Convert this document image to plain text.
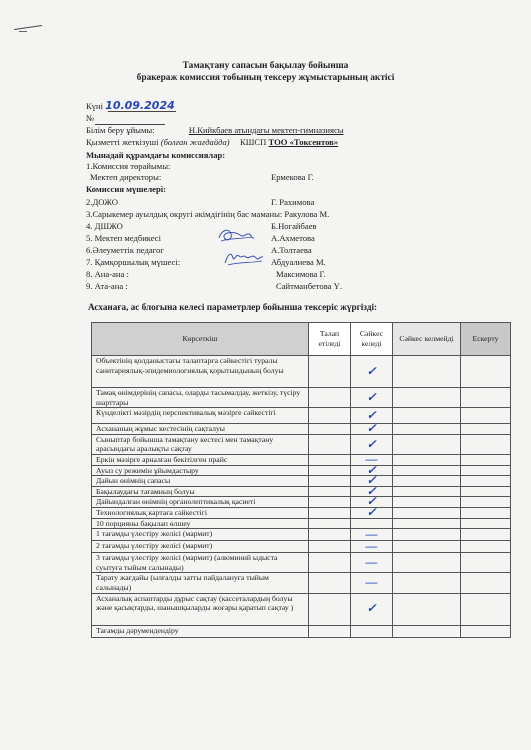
Тамақтану сапасын бақылау бойынша
бракераж комиссия тобының тексеру жұмыстарының актісі
Күні 10.09.2024
№
Білім беру ұйымы:	Н.Кийкбаев атындағы мектеп-гимназиясы
Қызметті жеткізуші (болған жағдайда) КШСП ТОО «Токсентов»
Мынадай құрамдағы комиссиялар:
1.Комиссия төрайымы:
Мектеп директоры:	Ермекова Г.
Комиссия мүшелері:
2.ДОЖО	Г. Рахимова
3.Сарыкемер ауылдық округі әкімдігінің бас маманы: Ракулова М.
4. ДШЖО	Б.Ногайбаев
5. Мектеп медбикесі	А.Ахметова
6.Әлеуметтік педагог	А.Толтаева
7. Қамқоршылық мүшесі:	Абдуалиева М.
8. Ана-ана :	Максимова Г.
9. Ата-ана :	Сайтманбетова Ү.
Асханаға, ас блогына келесі параметрлер бойынша тексеріс жүргізді:
Көрсеткіш	Талап етіледі	Сәйкес келеді	Сәйкес келмейді	Ескерту
Объектінің қолданыстағы талаптарға сәйкестігі туралы санитариялық-эпидемиологиялық қорытындының болуы		✓		
Тамақ өнімдерінің сапасы, оларды тасымалдау, жеткізу, түсіру шарттары		✓		
Күнделікті мәзірдің перспективалық мәзірге сәйкестігі		✓		
Асхананың жұмыс кестесінің сақталуы		✓		
Сыныптар бойынша тамақтану кестесі мен тамақтану арасындағы аралықты сақтау		✓		
Еркін мәзірге арналған бекітілген прайс		—		
Ауыз су режимін ұйымдастыру		✓		
Дайын өнімнің сапасы		✓		
Бақылаудағы тағамның болуы		✓		
Дайындалған өнімнің органолептикалық қасиеті		✓		
Технологиялық картаға сәйкестігі		✓		
10 порцияны бақылап өлшеу				
1 тағамды үлестіру желісі (мармит)		—		
2 тағамды үлестіру желісі (мармит)		—		
3 тағамды үлестіру желісі (мармит) (алюминий ыдыста суытуға тыйым салынады)		—		
Тарату жағдайы (ылғалды затты пайдалануға тыйым салынады)		—		
Асханалық аспаптарды дұрыс сақтау (кассеталардың болуы және қасықтарды, шанышқыларды жоғары қаратып сақтау )		✓		
Тағамды дәрумендендіру				
